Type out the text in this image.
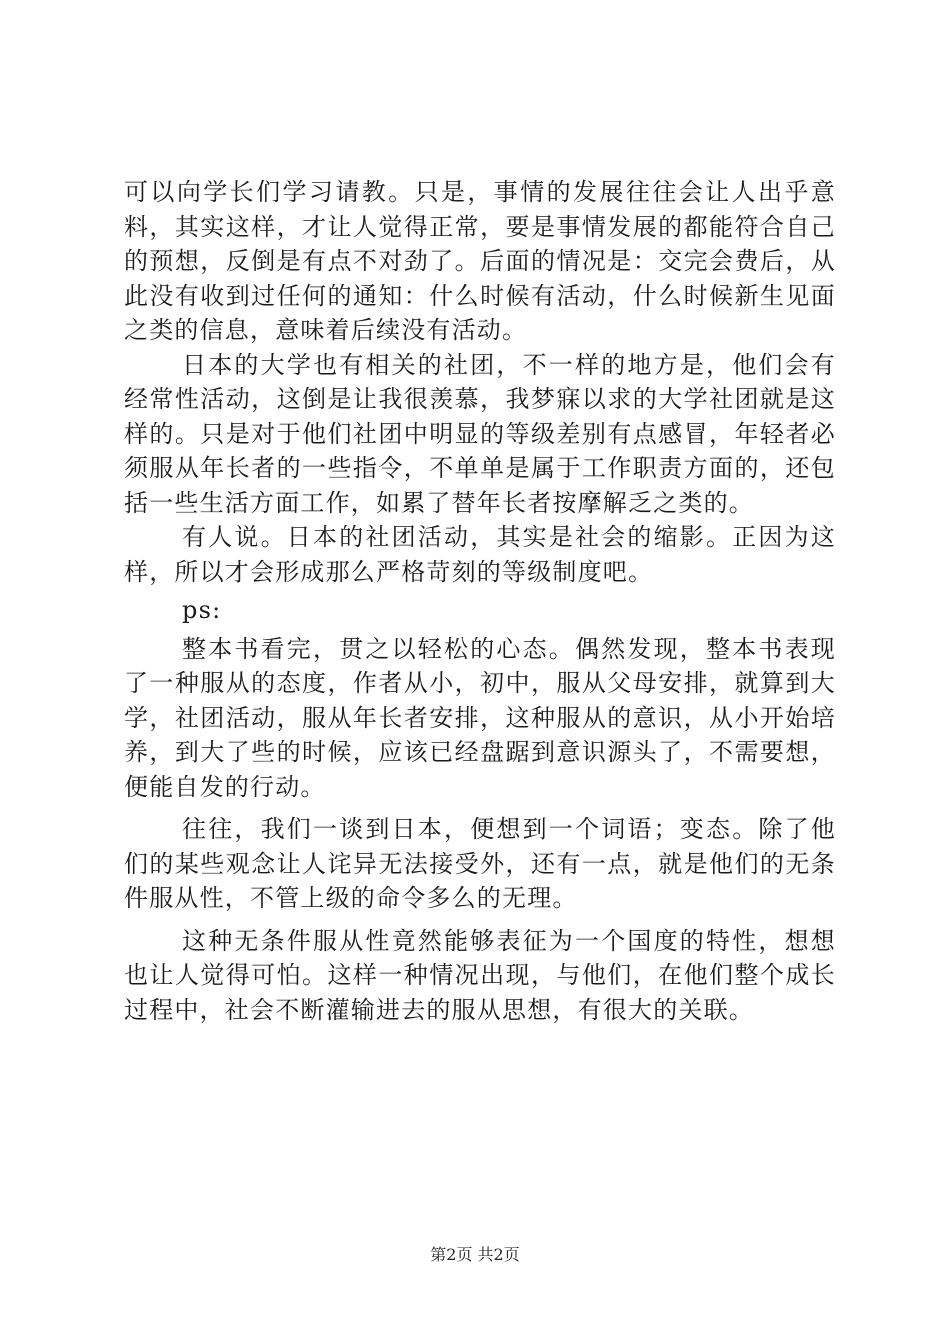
可以向学长们学习请教。只是，事情的发展往往会让人出乎意料，其实这样，才让人觉得正常，要是事情发展的都能符合自己的预想，反倒是有点不对劲了。后面的情况是：交完会费后，从此没有收到过任何的通知：什么时候有活动，什么时候新生见面之类的信息，意味着后续没有活动。

日本的大学也有相关的社团，不一样的地方是，他们会有经常性活动，这倒是让我很羡慕，我梦寐以求的大学社团就是这样的。只是对于他们社团中明显的等级差别有点感冒，年轻者必须服从年长者的一些指令，不单单是属于工作职责方面的，还包括一些生活方面工作，如累了替年长者按摩解乏之类的。

有人说。日本的社团活动，其实是社会的缩影。正因为这样，所以才会形成那么严格苛刻的等级制度吧。

ps:

整本书看完，贯之以轻松的心态。偶然发现，整本书表现了一种服从的态度，作者从小，初中，服从父母安排，就算到大学，社团活动，服从年长者安排，这种服从的意识，从小开始培养，到大了些的时候，应该已经盘踞到意识源头了，不需要想，便能自发的行动。

往往，我们一谈到日本，便想到一个词语；变态。除了他们的某些观念让人诧异无法接受外，还有一点，就是他们的无条件服从性，不管上级的命令多么的无理。

这种无条件服从性竟然能够表征为一个国度的特性，想想也让人觉得可怕。这样一种情况出现，与他们，在他们整个成长过程中，社会不断灌输进去的服从思想，有很大的关联。

第2页 共2页
